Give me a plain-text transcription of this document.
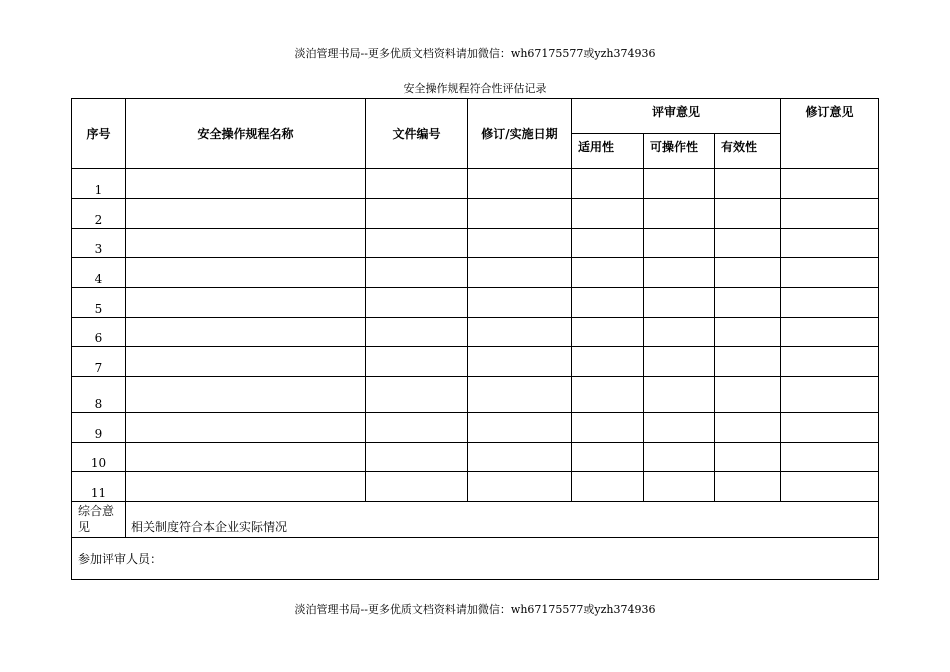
淡泊管理书局--更多优质文档资料请加微信：wh67175577或yzh374936
安全操作规程符合性评估记录
序号	安全操作规程名称	文件编号	修订/实施日期	评审意见			修订意见
				适用性	可操作性	有效性	
1							
2							
3							
4							
5							
6							
7							
8							
9							
10							
11							
综合意见	相关制度符合本企业实际情况						
参加评审人员：							
淡泊管理书局--更多优质文档资料请加微信：wh67175577或yzh374936
